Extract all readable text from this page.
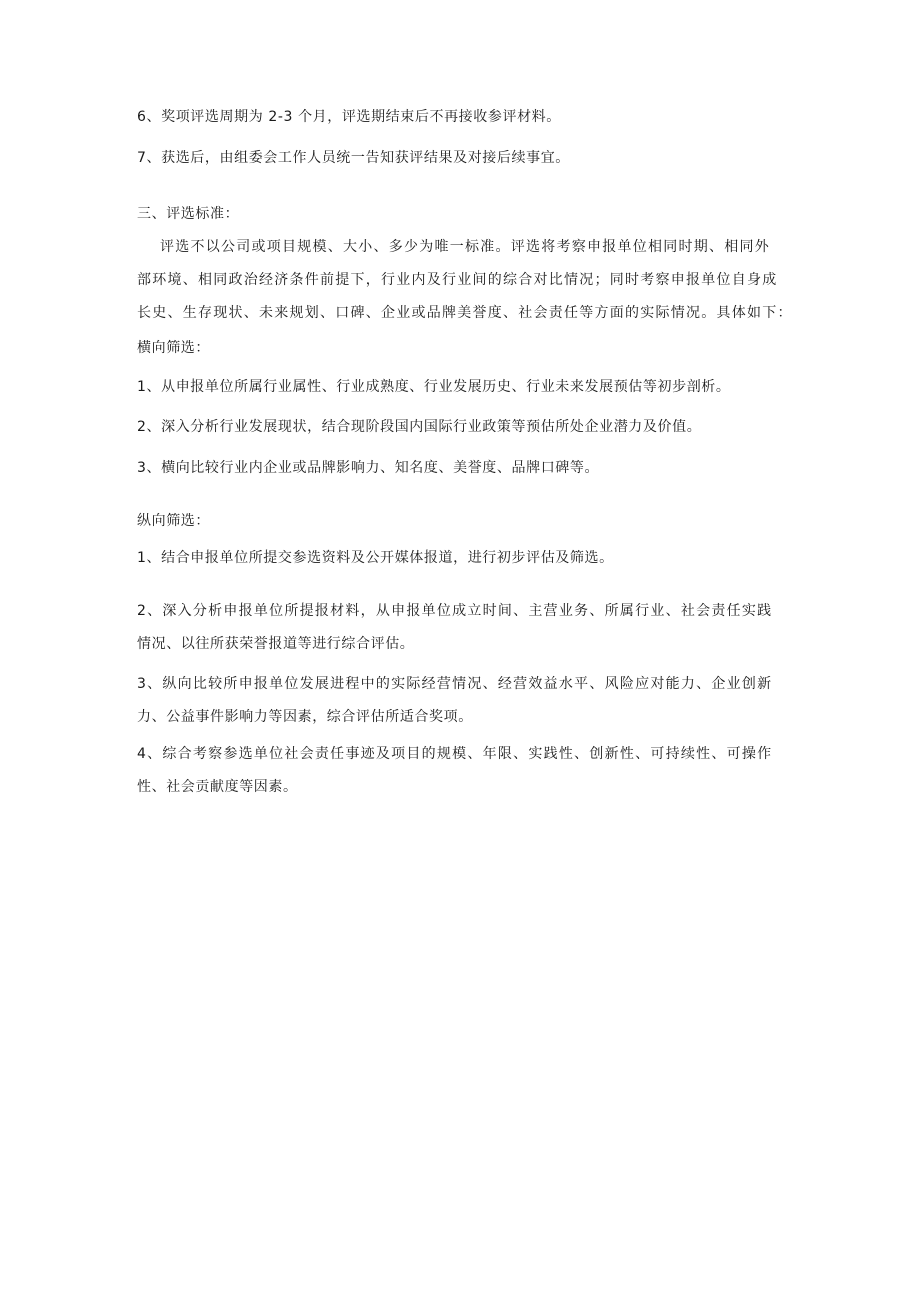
6、奖项评选周期为 2-3 个月，评选期结束后不再接收参评材料。
7、获选后，由组委会工作人员统一告知获评结果及对接后续事宜。
三、评选标准：
评选不以公司或项目规模、大小、多少为唯一标准。评选将考察申报单位相同时期、相同外
部环境、相同政治经济条件前提下，行业内及行业间的综合对比情况；同时考察申报单位自身成
长史、生存现状、未来规划、口碑、企业或品牌美誉度、社会责任等方面的实际情况。具体如下：
横向筛选：
1、从申报单位所属行业属性、行业成熟度、行业发展历史、行业未来发展预估等初步剖析。
2、深入分析行业发展现状，结合现阶段国内国际行业政策等预估所处企业潜力及价值。
3、横向比较行业内企业或品牌影响力、知名度、美誉度、品牌口碑等。
纵向筛选：
1、结合申报单位所提交参选资料及公开媒体报道，进行初步评估及筛选。
2、深入分析申报单位所提报材料，从申报单位成立时间、主营业务、所属行业、社会责任实践
情况、以往所获荣誉报道等进行综合评估。
3、纵向比较所申报单位发展进程中的实际经营情况、经营效益水平、风险应对能力、企业创新
力、公益事件影响力等因素，综合评估所适合奖项。
4、综合考察参选单位社会责任事迹及项目的规模、年限、实践性、创新性、可持续性、可操作
性、社会贡献度等因素。
